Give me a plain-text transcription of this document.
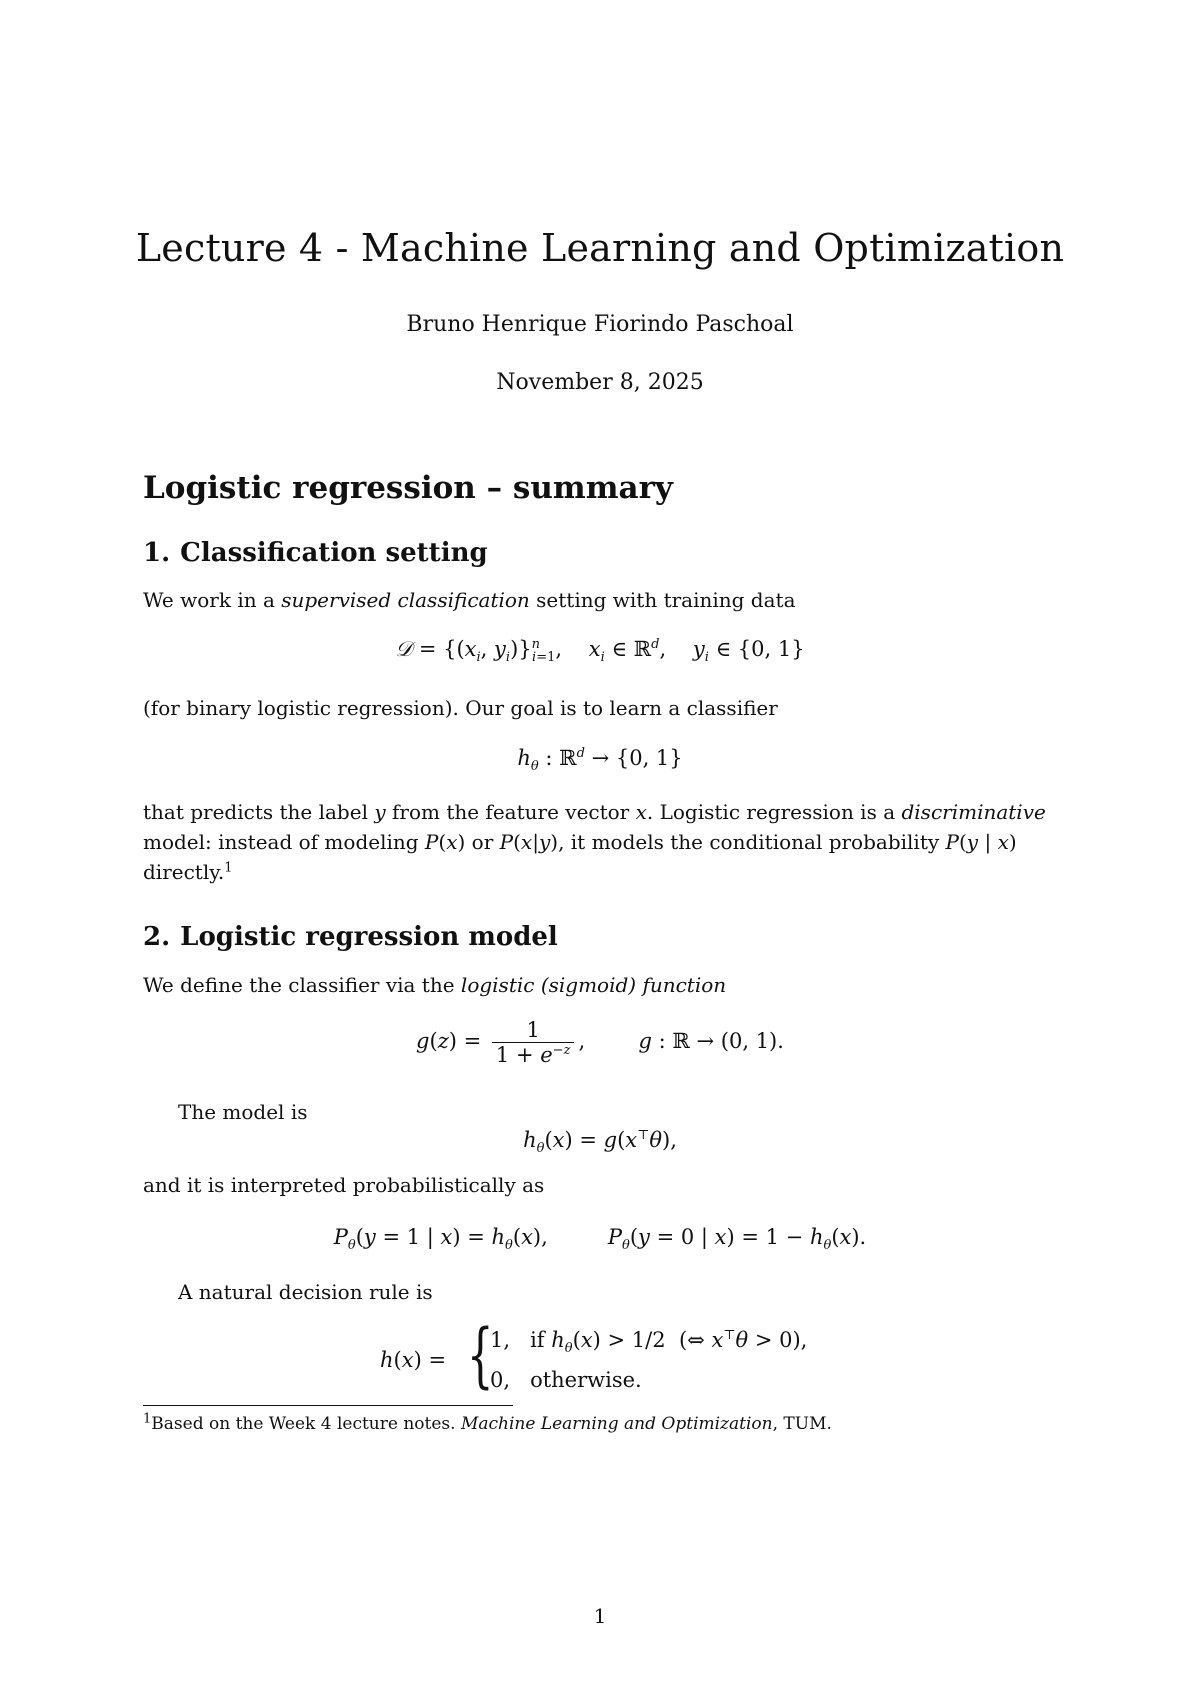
Lecture 4 - Machine Learning and Optimization
Bruno Henrique Fiorindo Paschoal
November 8, 2025
Logistic regression – summary
1. Classification setting
We work in a supervised classification setting with training data
𝒟 = {($x_i$, $y_i)\}^n_{i=1}$,    $x_i$ ∈ ℝ$^d$,    $y_i$ ∈ {0, 1}
(for binary logistic regression). Our goal is to learn a classifier
$h_\theta$ : ℝ$^d$ → {0, 1}
that predicts the label y from the feature vector x. Logistic regression is a discriminative model: instead of modeling P(x) or P(x|y), it models the conditional probability P(y | x) directly.$^1$
2. Logistic regression model
We define the classifier via the logistic (sigmoid) function
$g(z) = \frac{1}{1 + e^{-z}}$ ,        g : ℝ → (0, 1).
The model is
$h_\theta(x) = g(x^⊤\theta)$,
and it is interpreted probabilistically as
$P_\theta(y = 1$ | $x) = h_\theta(x)$,         $P_\theta(y = 0$ | $x) = 1 - h_\theta(x)$.
A natural decision rule is
h(x) = {
1, if $h_\theta(x) > 1/2$  (⇔ x⊤θ > 0),
0, otherwise.
$^1$Based on the Week 4 lecture notes. Machine Learning and Optimization, TUM.
1
